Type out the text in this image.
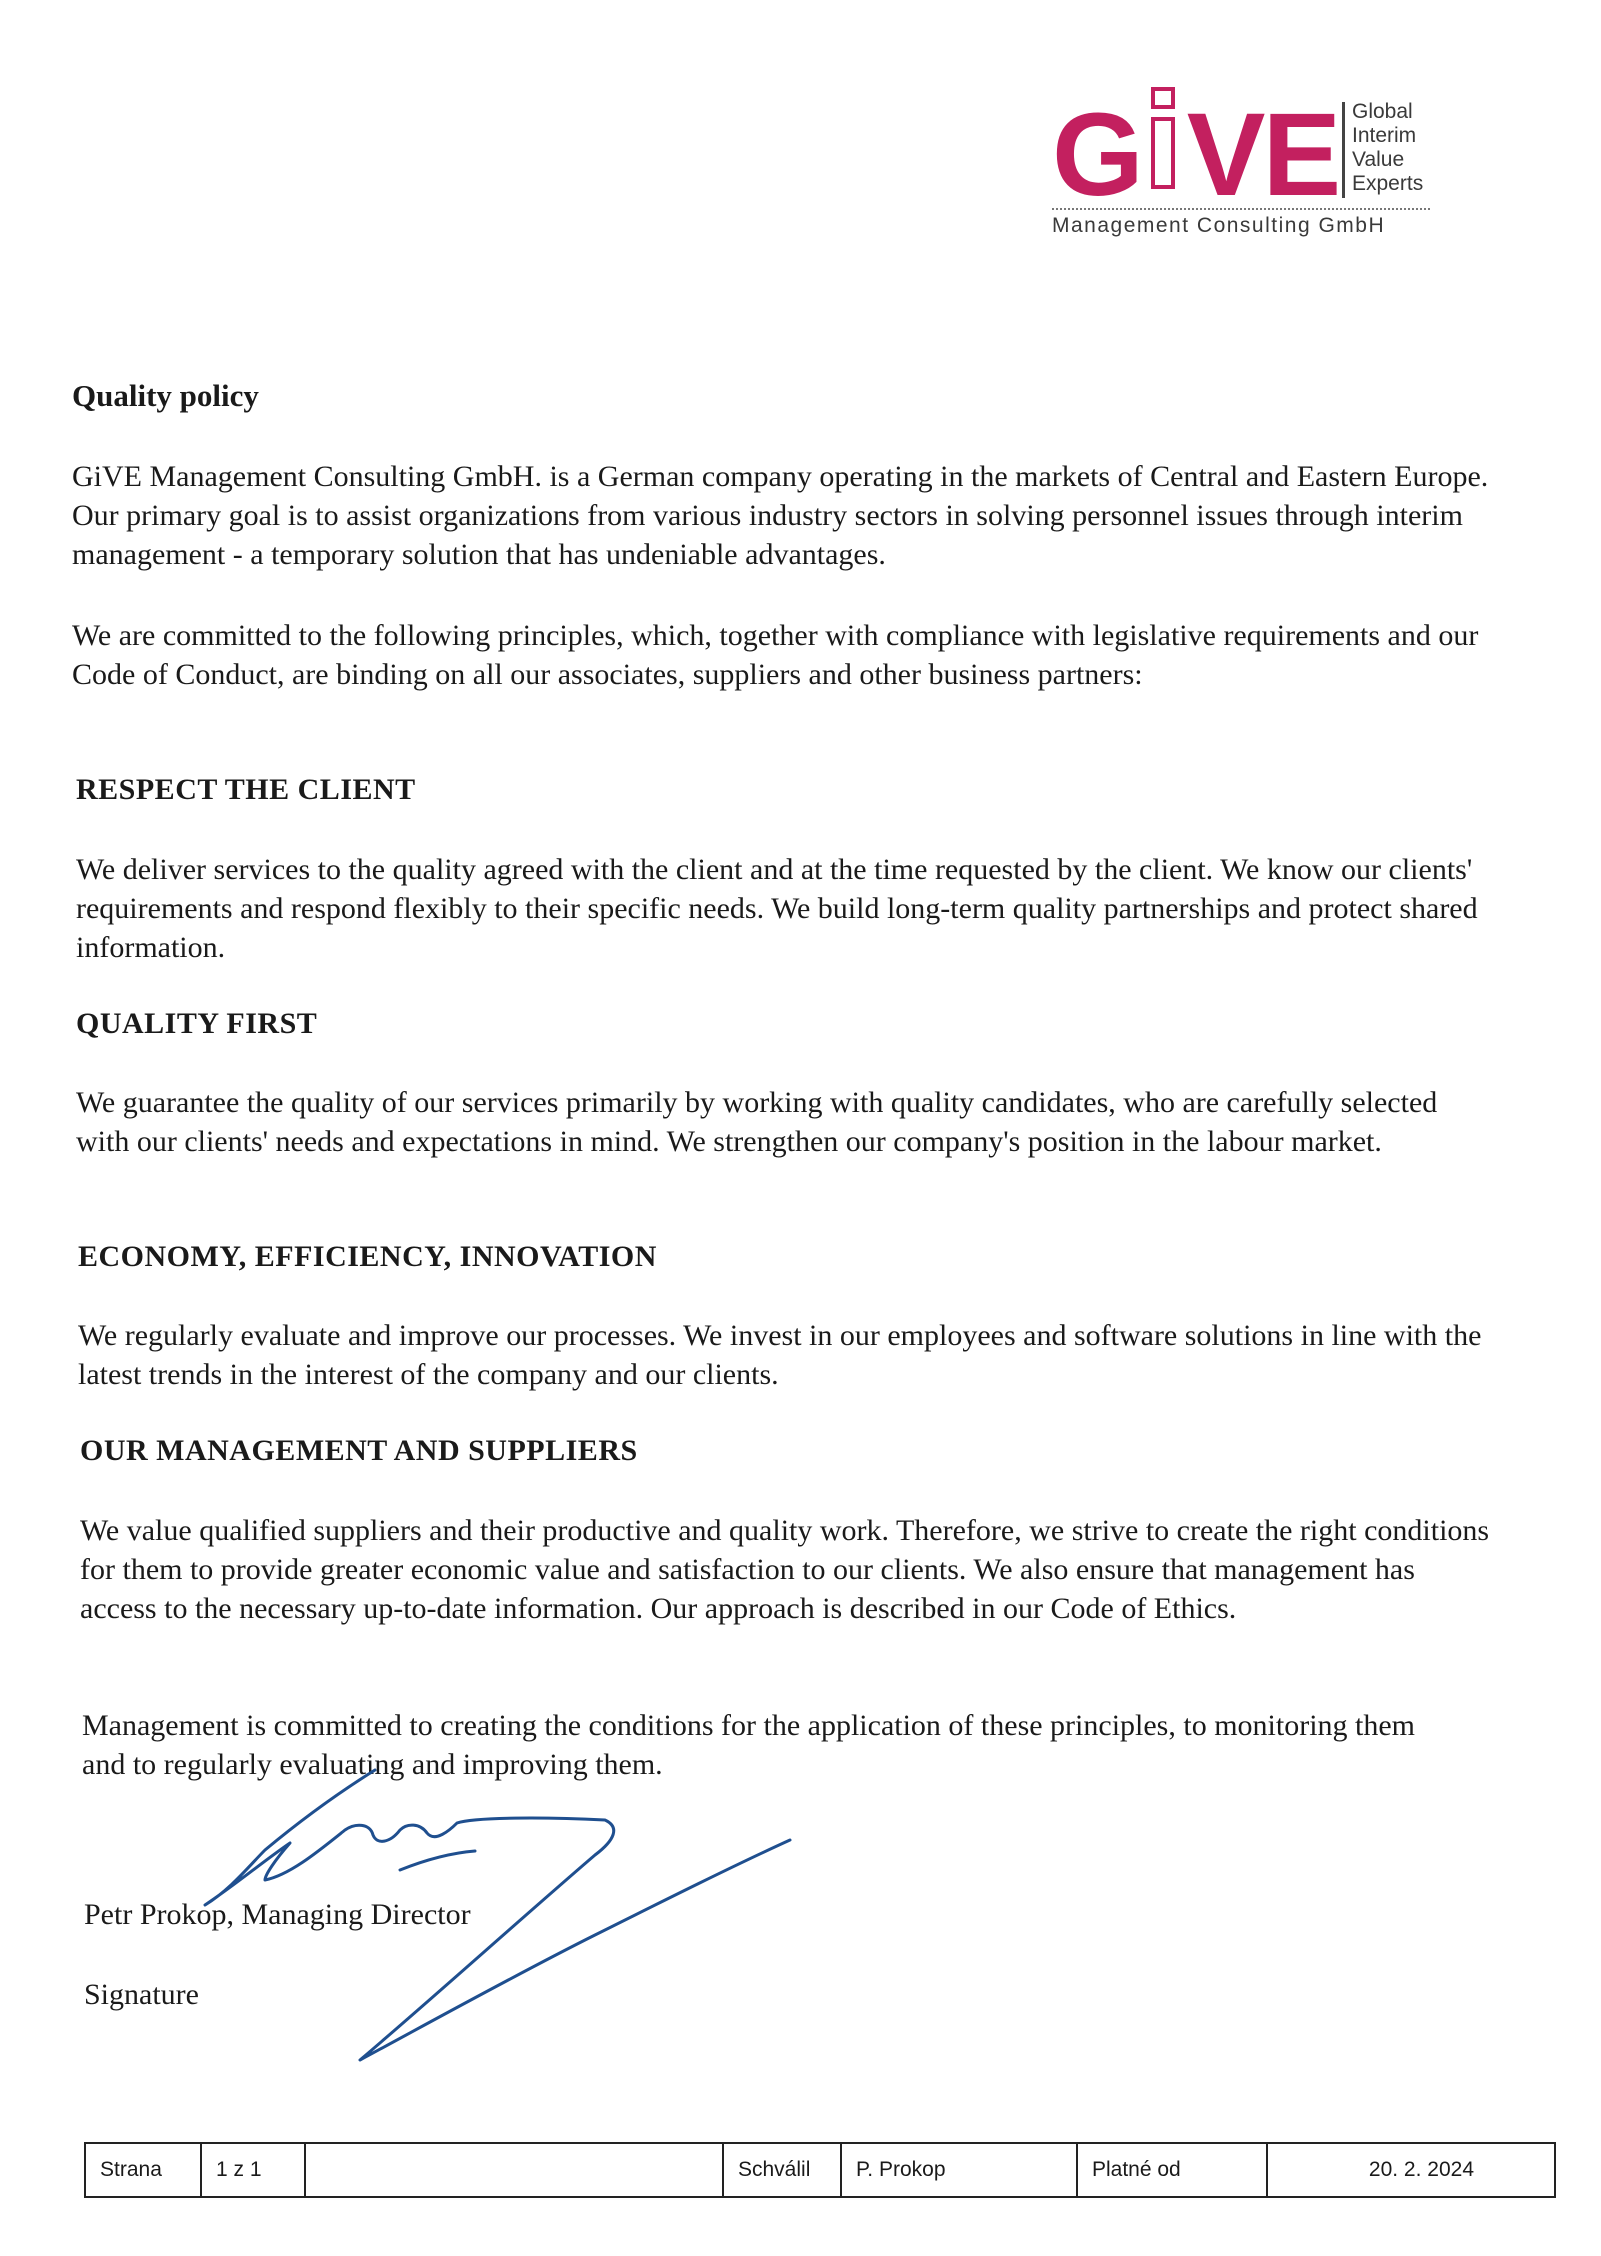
G VE Global
Interim
Value
Experts
Management Consulting GmbH
Quality policy

GiVE Management Consulting GmbH. is a German company operating in the markets of Central and Eastern Europe. Our primary goal is to assist organizations from various industry sectors in solving personnel issues through interim management - a temporary solution that has undeniable advantages.

We are committed to the following principles, which, together with compliance with legislative requirements and our Code of Conduct, are binding on all our associates, suppliers and other business partners:

RESPECT THE CLIENT

We deliver services to the quality agreed with the client and at the time requested by the client. We know our clients' requirements and respond flexibly to their specific needs. We build long-term quality partnerships and protect shared information.

QUALITY FIRST

We guarantee the quality of our services primarily by working with quality candidates, who are carefully selected with our clients' needs and expectations in mind. We strengthen our company's position in the labour market.

ECONOMY, EFFICIENCY, INNOVATION

We regularly evaluate and improve our processes. We invest in our employees and software solutions in line with the latest trends in the interest of the company and our clients.

OUR MANAGEMENT AND SUPPLIERS

We value qualified suppliers and their productive and quality work. Therefore, we strive to create the right conditions for them to provide greater economic value and satisfaction to our clients. We also ensure that management has access to the necessary up-to-date information. Our approach is described in our Code of Ethics.

Management is committed to creating the conditions for the application of these principles, to monitoring them and to regularly evaluating and improving them.

Petr Prokop, Managing Director
Signature
Strana	1 z 1		Schválil	P. Prokop	Platné od	20. 2. 2024
